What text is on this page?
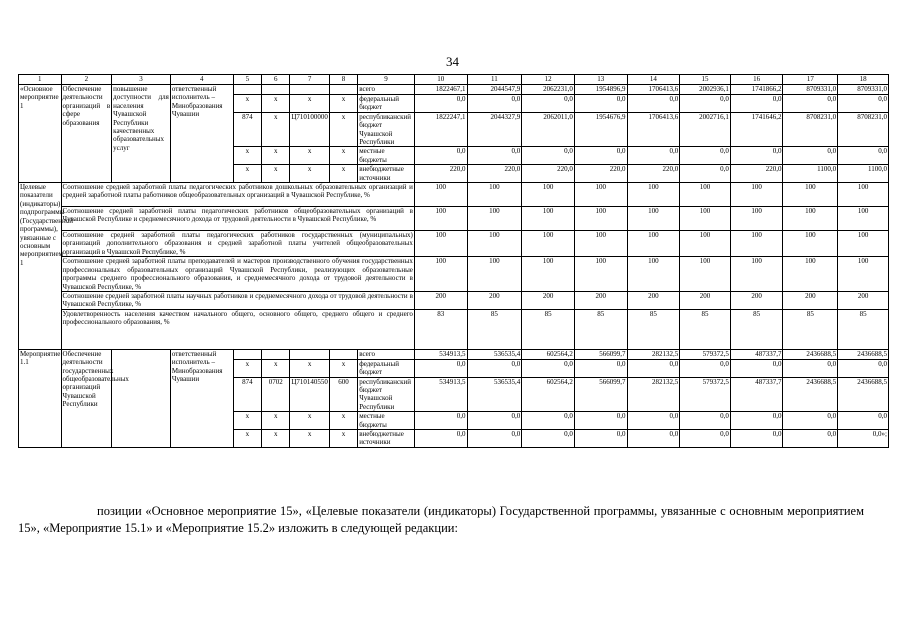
34
1	2	3	4	5	6	7	8	9	10	11	12	13	14	15	16	17	18
«Основное мероприятие 1	Обеспечение деятельности организаций в сфере образования	повышение доступности для населения Чувашской Республики качественных образовательных услуг	ответственный исполнитель – Минобразования Чувашии					всего	1822467,1	2044547,9	2062231,0	1954896,9	1706413,6	2002936,1	1741866,2	8709331,0	8709331,0
				x	x	x	x	федеральный бюджет	0,0	0,0	0,0	0,0	0,0	0,0	0,0	0,0	0,0
				874	x	Ц710100000	x	республиканский бюджет Чувашской Республики	1822247,1	2044327,9	2062011,0	1954676,9	1706413,6	2002716,1	1741646,2	8708231,0	8708231,0
				x	x	x	x	местные бюджеты	0,0	0,0	0,0	0,0	0,0	0,0	0,0	0,0	0,0
				x	x	x	x	внебюджетные источники	220,0	220,0	220,0	220,0	220,0	0,0	220,0	1100,0	1100,0
Целевые показатели (индикаторы) подпрограммы (Государственной программы), увязанные с основным мероприятием 1	Соотношение средней заработной платы педагогических работников дошкольных образовательных организаций и средней заработной платы работников общеобразовательных организаций в Чувашской Республике, %								100	100	100	100	100	100	100	100	100
	Соотношение средней заработной платы педагогических работников общеобразовательных организаций в Чувашской Республике и среднемесячного дохода от трудовой деятельности в Чувашской Республике, %								100	100	100	100	100	100	100	100	100
	Соотношение средней заработной платы педагогических работников государственных (муниципальных) организаций дополнительного образования и средней заработной платы учителей общеобразовательных организаций в Чувашской Республике, %								100	100	100	100	100	100	100	100	100
	Соотношение средней заработной платы преподавателей и мастеров производственного обучения государственных профессиональных образовательных организаций Чувашской Республики, реализующих образовательные программы среднего профессионального образования, и среднемесячного дохода от трудовой деятельности в Чувашской Республике, %								100	100	100	100	100	100	100	100	100
	Соотношение средней заработной платы научных работников и среднемесячного дохода от трудовой деятельности в Чувашской Республике, %								200	200	200	200	200	200	200	200	200
	Удовлетворенность населения качеством начального общего, основного общего, среднего общего и среднего профессионального образования, %								83	85	85	85	85	85	85	85	85
Мероприятие 1.1	Обеспечение деятельности государственных общеобразовательных организаций Чувашской Республики		ответственный исполнитель – Минобразования Чувашии					всего	534913,5	536535,4	602564,2	566099,7	282132,5	579372,5	487337,7	2436688,5	2436688,5
				x	x	x	x	федеральный бюджет	0,0	0,0	0,0	0,0	0,0	0,0	0,0	0,0	0,0
				874	0702	Ц710140550	600	республиканский бюджет Чувашской Республики	534913,5	536535,4	602564,2	566099,7	282132,5	579372,5	487337,7	2436688,5	2436688,5
				x	x	x	x	местные бюджеты	0,0	0,0	0,0	0,0	0,0	0,0	0,0	0,0	0,0
				x	x	x	x	внебюджетные источники	0,0	0,0	0,0	0,0	0,0	0,0	0,0	0,0	0,0»;
позиции «Основное мероприятие 15», «Целевые показатели (индикаторы) Государственной программы, увязанные с основным мероприятием 15», «Мероприятие 15.1» и «Мероприятие 15.2» изложить в следующей редакции:
